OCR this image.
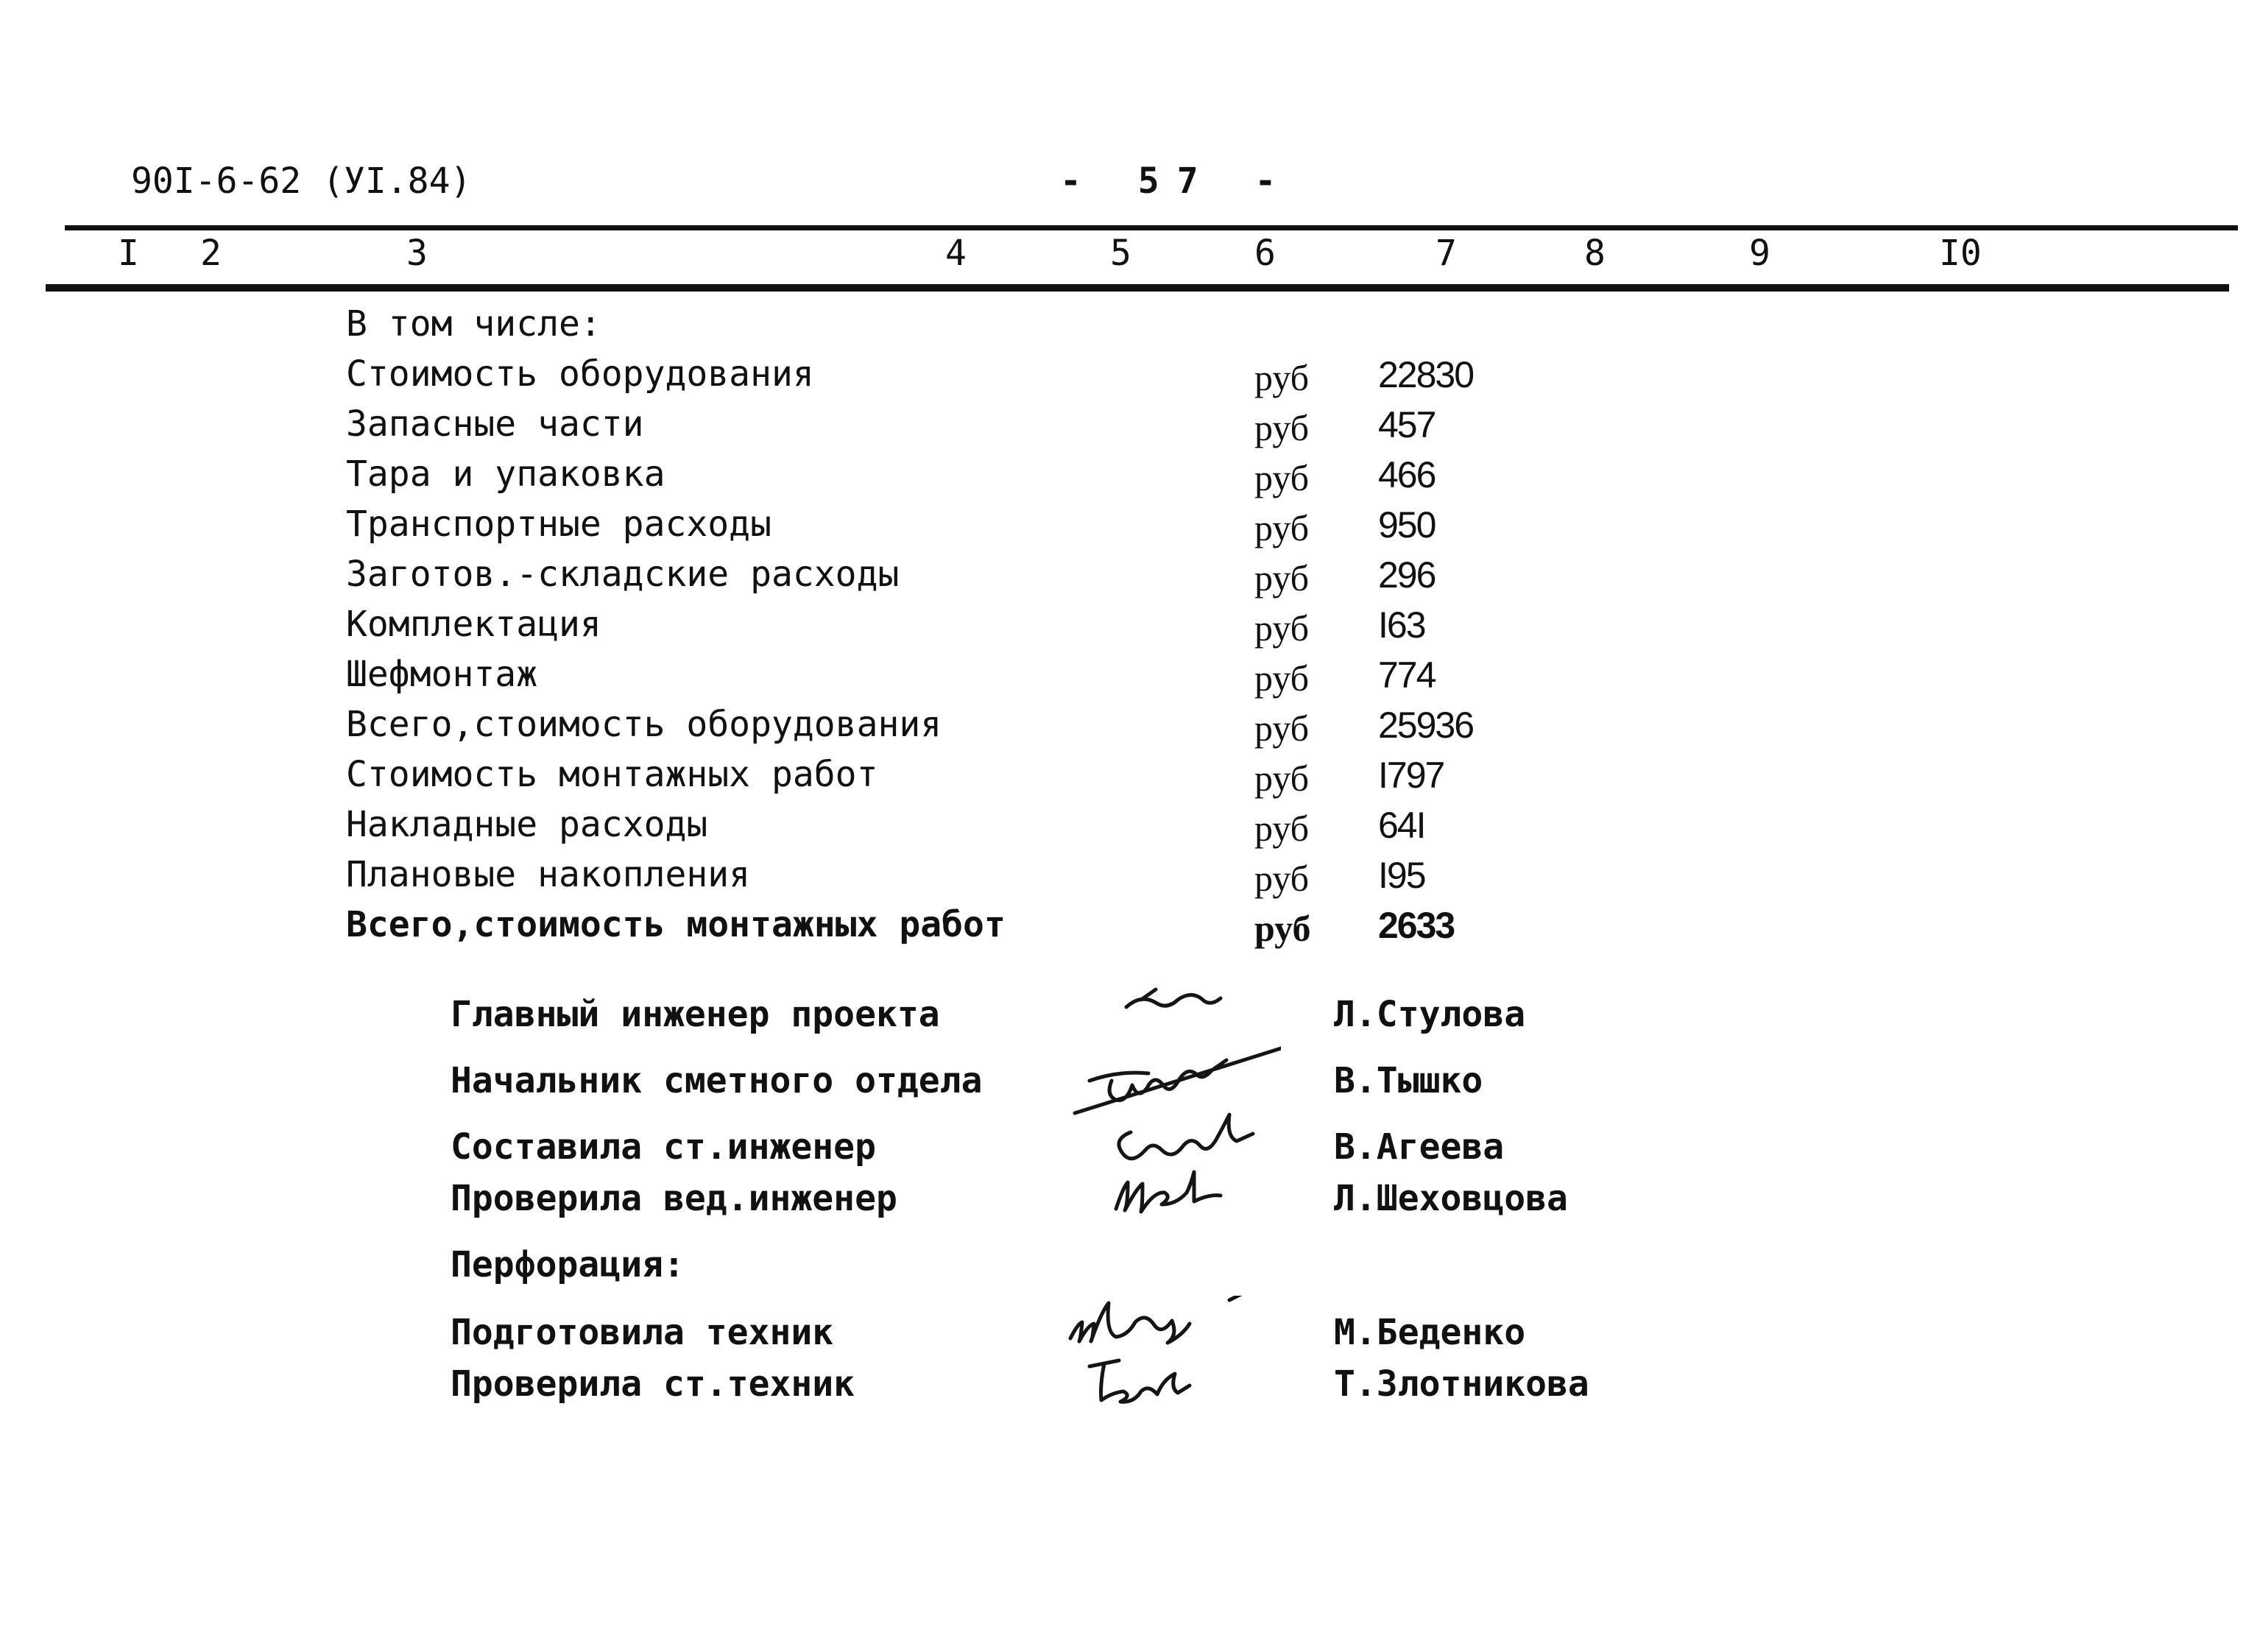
90I-6-62 (УI.84)	- 57 -
I 2	3	4	5	6	7	8	9	I0
В том числе:
Стоимость оборудования	руб 22830
Запасные части	руб 457
Тара и упаковка	руб 466
Транспортные расходы	руб 950
Заготов.-складские расходы	руб 296
Комплектация	руб I63
Шефмонтаж	руб 774
Всего,стоимость оборудования	руб 25936
Стоимость монтажных работ	руб I797
Накладные расходы	руб 64I
Плановые накопления	руб I95
Всего,стоимость монтажных работ	руб 2633
Главный инженер проекта	Л.Стулова
Начальник сметного отдела	В.Тышко
Составила ст.инженер	В.Агеева
Проверила вед.инженер	Л.Шеховцова
Перфорация:
Подготовила техник	М.Беденко
Проверила ст.техник	Т.Злотникова
